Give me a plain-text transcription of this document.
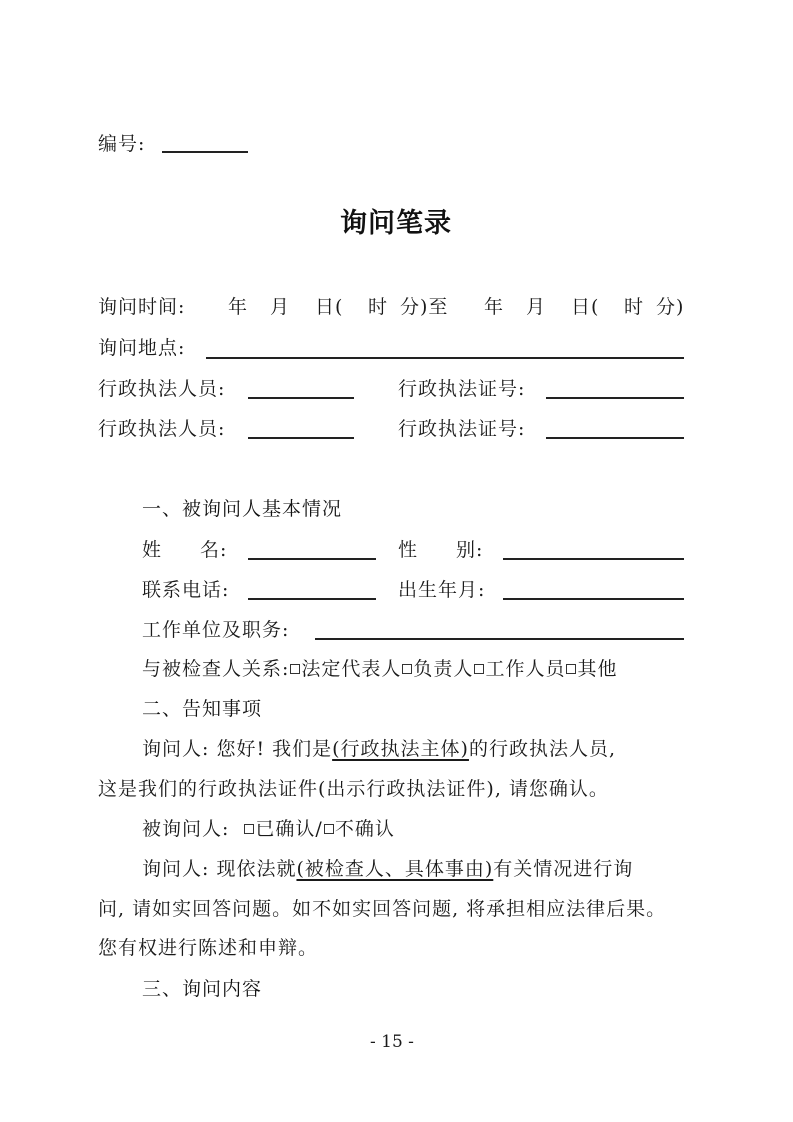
编号:
询问笔录
询问时间: 年 月 日( 时 分)至 年 月 日( 时 分)
询问地点:
行政执法人员:	行政执法证号:
行政执法人员:	行政执法证号:
一、被询问人基本情况
姓 名:	性 别:
联系电话:	出生年月:
工作单位及职务:
与被检查人关系: 法定代表人 负责人 工作人员 其他
二、告知事项
询问人: 您好! 我们是(行政执法主体)的行政执法人员,
这是我们的行政执法证件(出示行政执法证件), 请您确认。
被询问人: 已确认/ 不确认
询问人: 现依法就(被检查人、具体事由)有关情况进行询
问, 请如实回答问题。如不如实回答问题, 将承担相应法律后果。
您有权进行陈述和申辩。
三、询问内容
- 15 -
